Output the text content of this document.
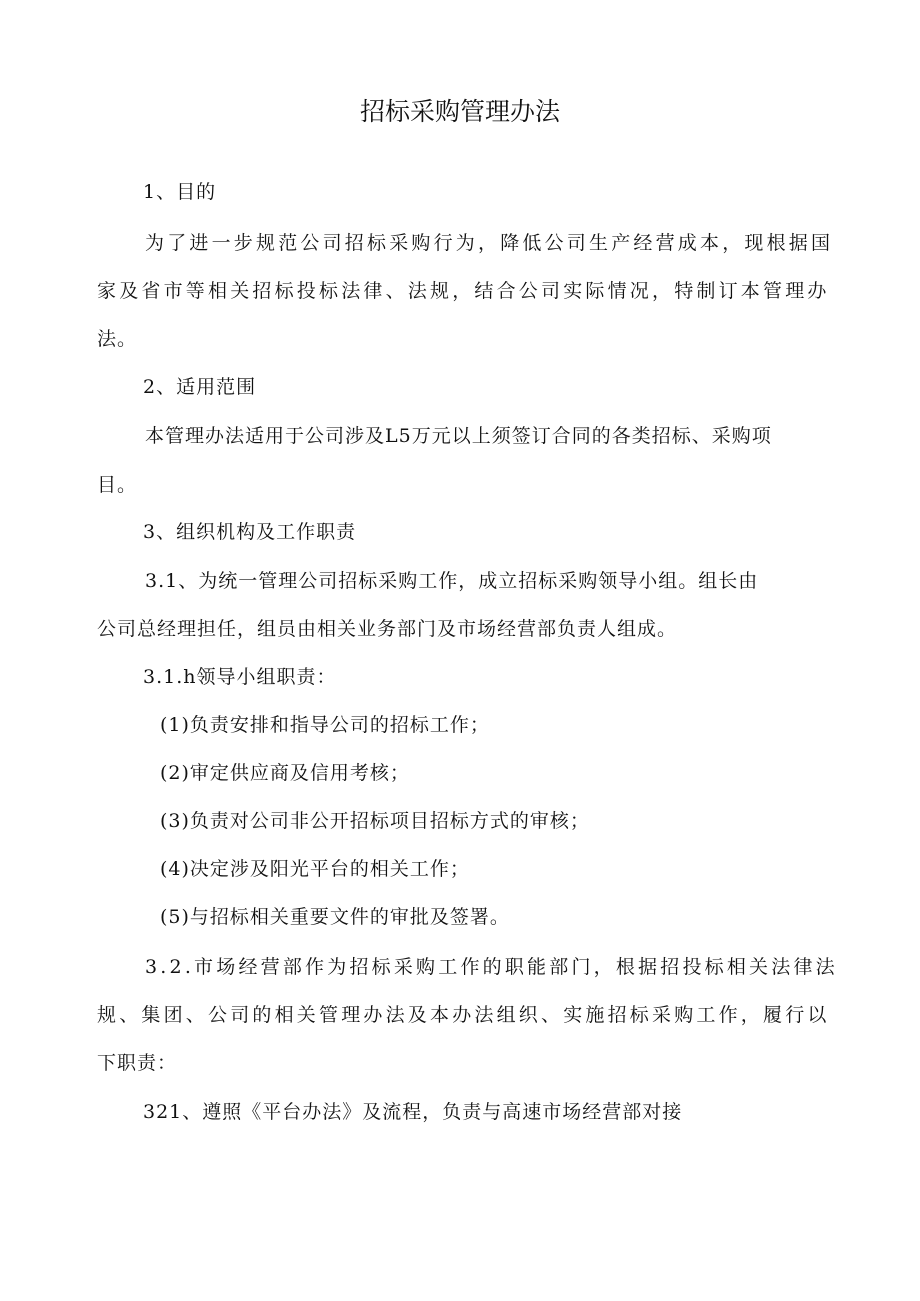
招标采购管理办法
1、目的
为了进一步规范公司招标采购行为，降低公司生产经营成本，现根据国
家及省市等相关招标投标法律、法规，结合公司实际情况，特制订本管理办
法。
2、适用范围
本管理办法适用于公司涉及L5万元以上须签订合同的各类招标、采购项
目。
3、组织机构及工作职责
3.1、为统一管理公司招标采购工作，成立招标采购领导小组。组长由
公司总经理担任，组员由相关业务部门及市场经营部负责人组成。
3.1.h领导小组职责：
(1)负责安排和指导公司的招标工作；
(2)审定供应商及信用考核；
(3)负责对公司非公开招标项目招标方式的审核；
(4)决定涉及阳光平台的相关工作；
(5)与招标相关重要文件的审批及签署。
3.2.市场经营部作为招标采购工作的职能部门，根据招投标相关法律法
规、集团、公司的相关管理办法及本办法组织、实施招标采购工作，履行以
下职责：
321、遵照《平台办法》及流程，负责与高速市场经营部对接
